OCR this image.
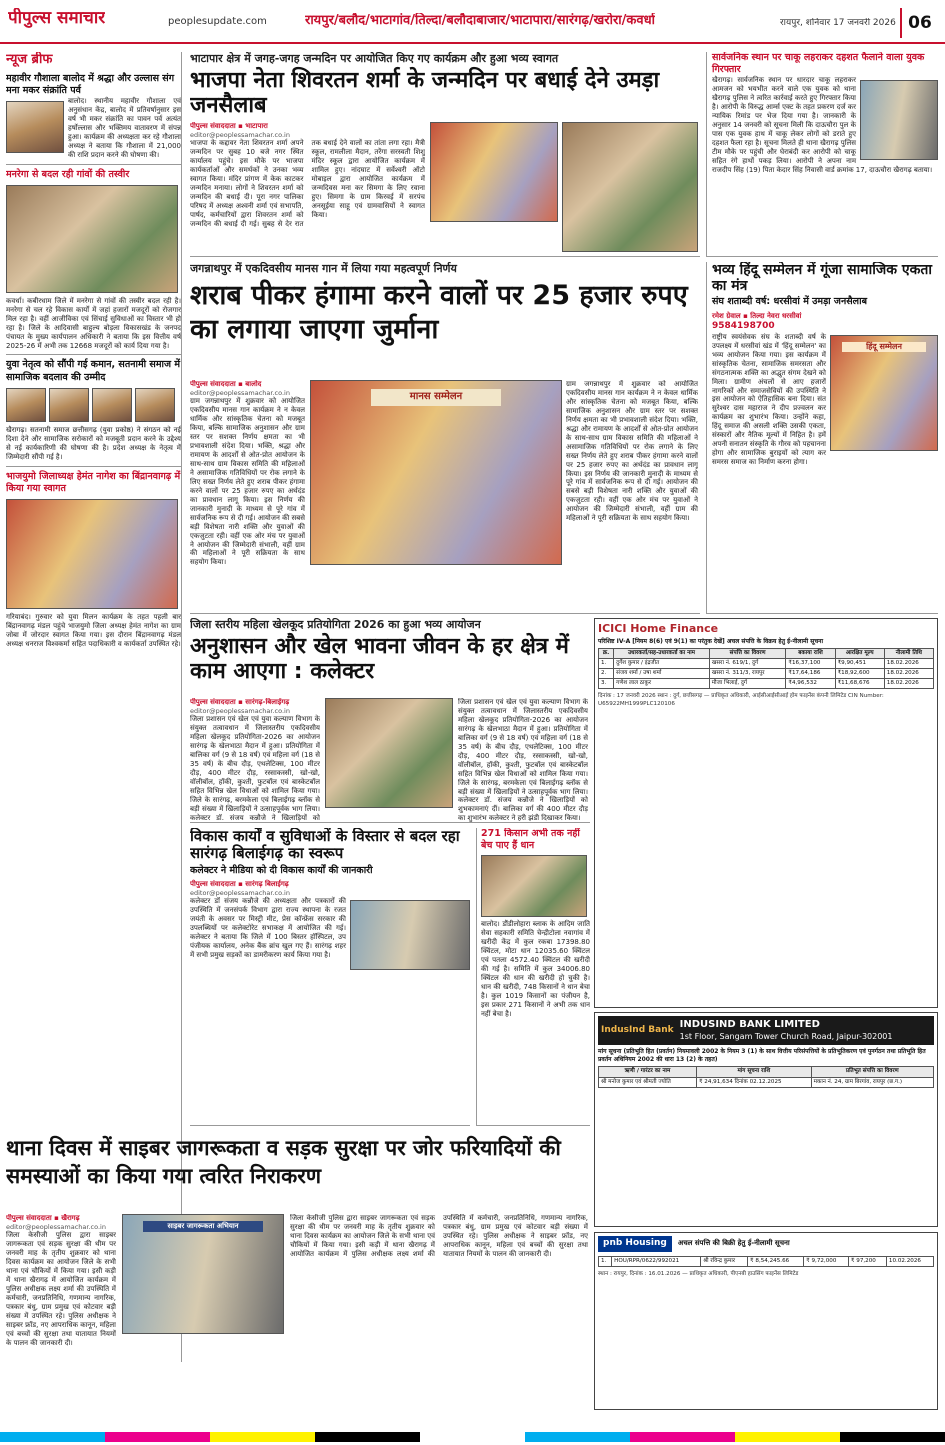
पीपुल्स समाचार	peoplesupdate.com	रायपुर/बलौद/भाटागांव/तिल्दा/बलौदाबाजार/भाटापारा/सारंगढ़/खरोरा/कवर्धा	रायपुर, शनिवार 17 जनवरी 2026 06
न्यूज ब्रीफ
महावीर गौशाला बालोद में श्रद्धा और उल्लास संग मना मकर संक्रांति पर्व
बालोद। स्थानीय महावीर गौशाला एवं अनुसंधान केंद्र, बालोद में प्रतिवर्षानुसार इस वर्ष भी मकर संक्रांति का पावन पर्व अत्यंत हर्षोल्लास और भक्तिमय वातावरण में संपन्न हुआ। कार्यक्रम की अध्यक्षता कर रहे गौशाला अध्यक्ष ने बताया कि गौशाला में 21,000 की राशि प्रदान करने की घोषणा की।
मनरेगा से बदल रही गांवों की तस्वीर
कवर्धा। कबीरधाम जिले में मनरेगा से गांवों की तस्वीर बदल रही है। मनरेगा से चल रहे विकास कार्यों में जहां हजारों मजदूरों को रोजगार मिल रहा है। वहीं आजीविका एवं सिंचाई सुविधाओं का विस्तार भी हो रहा है। जिले के आदिवासी बाहुल्य बोड़ला विकासखंड के जनपद पंचायत के मुख्य कार्यपालन अधिकारी ने बताया कि इस वित्तीय वर्ष 2025-26 में अभी तक 12668 मजदूरों को कार्य दिया गया है।
युवा नेतृत्व को सौंपी गई कमान, सतनामी समाज में सामाजिक बदलाव की उम्मीद
खैरागढ़। सतनामी समाज छत्तीसगढ़ (युवा प्रकोष्ठ) ने संगठन को नई दिशा देने और सामाजिक सरोकारों को मजबूती प्रदान करने के उद्देश्य से नई कार्यकारिणी की घोषणा की है। प्रदेश अध्यक्ष के नेतृत्व में जिम्मेदारी सौंपी गई है।
भाजयुमो जिलाध्यक्ष हेमंत नागेश का बिंद्रानवागढ़ में किया गया स्वागत
गरियाबंद। गुरुवार को युवा मिलन कार्यक्रम के तहत पहली बार बिंद्रानवागढ़ मंडल पहुंचे भाजयुमो जिला अध्यक्ष हेमंत नागेश का ग्राम जोबा में जोरदार स्वागत किया गया। इस दौरान बिंद्रानवागढ़ मंडल अध्यक्ष धनराज विश्वकर्मा सहित पदाधिकारी व कार्यकर्ता उपस्थित रहे।
भाटापार क्षेत्र में जगह-जगह जन्मदिन पर आयोजित किए गए कार्यक्रम और हुआ भव्य स्वागत
भाजपा नेता शिवरतन शर्मा के जन्मदिन पर बधाई देने उमड़ा जनसैलाब
पीपुल्स संवाददाता ▪ भाटापारा
editor@peoplessamachar.co.in
भाजपा के कद्दावर नेता शिवरतन शर्मा अपने जन्मदिन पर सुबह 10 बजे नगर स्थित कार्यालय पहुंचे। इस मौके पर भाजपा कार्यकर्ताओं और समर्थकों ने उनका भव्य स्वागत किया। मंदिर प्रांगण में केक काटकर जन्मदिन मनाया। लोगों ने शिवरतन शर्मा को जन्मदिन की बधाई दी। पूरा नगर पालिका परिषद में अध्यक्ष अश्वनी शर्मा एवं सभापति, पार्षद, कर्मचारियों द्वारा शिवरतन शर्मा को जन्मदिन की बधाई दी गई। सुबह से देर रात तक बधाई देने वालों का तांता लगा रहा। मैत्री स्कूल, रामलीला मैदान, तरेंगा सरस्वती शिशु मंदिर स्कूल द्वारा आयोजित कार्यक्रम में शामिल हुए। नांदघाट में सर्वेश्वरी ऑटो मोबाइल द्वारा आयोजित कार्यक्रम में जन्मदिवस मना कर सिमगा के लिए रवाना हुए। सिमगा के ग्राम किरवई में सरपंच अनसूईया साहू एवं ग्रामवासियों ने स्वागत किया।
सार्वजनिक स्थान पर चाकू लहराकर दहशत फैलाने वाला युवक गिरफ्तार
खैरागढ़। सार्वजनिक स्थान पर धारदार चाकू लहराकर आमजन को भयभीत करने वाले एक युवक को थाना खैरागढ़ पुलिस ने त्वरित कार्रवाई करते हुए गिरफ्तार किया है। आरोपी के विरुद्ध आर्म्स एक्ट के तहत प्रकरण दर्ज कर न्यायिक रिमांड पर भेज दिया गया है। जानकारी के अनुसार 14 जनवरी को सूचना मिली कि दाऊचौरा पुल के पास एक युवक हाथ में चाकू लेकर लोगों को डराते हुए दहशत फैला रहा है। सूचना मिलते ही थाना खैरागढ़ पुलिस टीम मौके पर पहुंची और घेराबंदी कर आरोपी को चाकू सहित रंगे हाथों पकड़ लिया। आरोपी ने अपना नाम राजदीप सिंह (19) पिता केदार सिंह निवासी वार्ड क्रमांक 17, दाऊचौरा खैरागढ़ बताया।
जगन्नाथपुर में एकदिवसीय मानस गान में लिया गया महत्वपूर्ण निर्णय
शराब पीकर हंगामा करने वालों पर 25 हजार रुपए का लगाया जाएगा जुर्माना
पीपुल्स संवाददाता ▪ बालोद
editor@peoplessamachar.co.in
ग्राम जगन्नाथपुर में शुक्रवार को आयोजित एकदिवसीय मानस गान कार्यक्रम ने न केवल धार्मिक और सांस्कृतिक चेतना को मजबूत किया, बल्कि सामाजिक अनुशासन और ग्राम स्तर पर सशक्त निर्णय क्षमता का भी प्रभावशाली संदेश दिया। भक्ति, श्रद्धा और रामायण के आदर्शों से ओत-प्रोत आयोजन के साथ-साथ ग्राम विकास समिति की महिलाओं ने असामाजिक गतिविधियों पर रोक लगाने के लिए सख्त निर्णय लेते हुए शराब पीकर हंगामा करने वालों पर 25 हजार रुपए का अर्थदंड का प्रावधान लागू किया। इस निर्णय की जानकारी मुनादी के माध्यम से पूरे गांव में सार्वजनिक रूप से दी गई। आयोजन की सबसे बड़ी विशेषता नारी शक्ति और युवाओं की एकजुटता रही। वहीं एक ओर मंच पर युवाओं ने आयोजन की जिम्मेदारी संभाली, वहीं ग्राम की महिलाओं ने पूरी सक्रियता के साथ सहयोग किया।
मानस सम्मेलन
ग्राम जगन्नाथपुर में शुक्रवार को आयोजित एकदिवसीय मानस गान कार्यक्रम ने न केवल धार्मिक और सांस्कृतिक चेतना को मजबूत किया, बल्कि सामाजिक अनुशासन और ग्राम स्तर पर सशक्त निर्णय क्षमता का भी प्रभावशाली संदेश दिया। भक्ति, श्रद्धा और रामायण के आदर्शों से ओत-प्रोत आयोजन के साथ-साथ ग्राम विकास समिति की महिलाओं ने असामाजिक गतिविधियों पर रोक लगाने के लिए सख्त निर्णय लेते हुए शराब पीकर हंगामा करने वालों पर 25 हजार रुपए का अर्थदंड का प्रावधान लागू किया। इस निर्णय की जानकारी मुनादी के माध्यम से पूरे गांव में सार्वजनिक रूप से दी गई। आयोजन की सबसे बड़ी विशेषता नारी शक्ति और युवाओं की एकजुटता रही। वहीं एक ओर मंच पर युवाओं ने आयोजन की जिम्मेदारी संभाली, वहीं ग्राम की महिलाओं ने पूरी सक्रियता के साथ सहयोग किया।
भव्य हिंदू सम्मेलन में गूंजा सामाजिक एकता का मंत्र
संघ शताब्दी वर्ष: धरसीवां में उमड़ा जनसैलाब
रमेश ग्रेवाल ▪ तिल्दा नेवरा धरसीवां
9584198700
हिंदू सम्मेलन
राष्ट्रीय स्वयंसेवक संघ के शताब्दी वर्ष के उपलक्ष्य में धरसीवां खंड में 'हिंदू सम्मेलन' का भव्य आयोजन किया गया। इस कार्यक्रम में सांस्कृतिक चेतना, सामाजिक समरसता और संगठनात्मक शक्ति का अद्भुत संगम देखने को मिला। ग्रामीण अंचलों से आए हजारों नागरिकों और समाजसेवियों की उपस्थिति ने इस आयोजन को ऐतिहासिक बना दिया। संत सुरेश्वर दास महाराज ने दीप प्रज्वलन कर कार्यक्रम का शुभारंभ किया। उन्होंने कहा, हिंदू समाज की असली शक्ति उसकी एकता, संस्कारों और नैतिक मूल्यों में निहित है। हमें अपनी सनातन संस्कृति के गौरव को पहचानना होगा और सामाजिक बुराइयों को त्याग कर समरस समाज का निर्माण करना होगा।
जिला स्तरीय महिला खेलकूद प्रतियोगिता 2026 का हुआ भव्य आयोजन
अनुशासन और खेल भावना जीवन के हर क्षेत्र में काम आएगा : कलेक्टर
पीपुल्स संवाददाता ▪ सारंगढ़-बिलाईगढ़
editor@peoplessamachar.co.in
जिला प्रशासन एवं खेल एवं युवा कल्याण विभाग के संयुक्त तत्वावधान में जिलास्तरीय एकदिवसीय महिला खेलकूद प्रतियोगिता-2026 का आयोजन सारंगढ़ के खेलभाठा मैदान में हुआ। प्रतियोगिता में बालिका वर्ग (9 से 18 वर्ष) एवं महिला वर्ग (18 से 35 वर्ष) के बीच दौड़, एथलेटिक्स, 100 मीटर दौड़, 400 मीटर दौड़, रस्साकस्सी, खो-खो, वॉलीबॉल, हॉकी, कुश्ती, फुटबॉल एवं बास्केटबॉल सहित विभिन्न खेल विधाओं को शामिल किया गया। जिले के सारंगढ़, बरमकेला एवं बिलाईगढ़ ब्लॉक से बड़ी संख्या में खिलाड़ियों ने उत्साहपूर्वक भाग लिया। कलेक्टर डॉ. संजय कन्नौजे ने खिलाड़ियों को
जिला प्रशासन एवं खेल एवं युवा कल्याण विभाग के संयुक्त तत्वावधान में जिलास्तरीय एकदिवसीय महिला खेलकूद प्रतियोगिता-2026 का आयोजन सारंगढ़ के खेलभाठा मैदान में हुआ। प्रतियोगिता में बालिका वर्ग (9 से 18 वर्ष) एवं महिला वर्ग (18 से 35 वर्ष) के बीच दौड़, एथलेटिक्स, 100 मीटर दौड़, 400 मीटर दौड़, रस्साकस्सी, खो-खो, वॉलीबॉल, हॉकी, कुश्ती, फुटबॉल एवं बास्केटबॉल सहित विभिन्न खेल विधाओं को शामिल किया गया। जिले के सारंगढ़, बरमकेला एवं बिलाईगढ़ ब्लॉक से बड़ी संख्या में खिलाड़ियों ने उत्साहपूर्वक भाग लिया। कलेक्टर डॉ. संजय कन्नौजे ने खिलाड़ियों को शुभकामनाएं दीं। बालिका वर्ग की 400 मीटर दौड़ का शुभारंभ कलेक्टर ने हरी झंडी दिखाकर किया।
ICICI Home Finance
परिशिष्ट IV-A [नियम 8(6) एवं 9(1) का परंतुक देखें] अचल संपत्ति के विक्रय हेतु ई-नीलामी सूचना
क्र.	उधारकर्ता/सह-उधारकर्ता का नाम	संपत्ति का विवरण	बकाया राशि	आरक्षित मूल्य	नीलामी तिथि
1.	दुर्गेश कुमार / इंद्रजीत	खसरा नं. 619/1, दुर्ग	₹16,37,100	₹9,90,451	18.02.2026
2.	संजय शर्मा / उषा शर्मा	खसरा नं. 311/3, रायपुर	₹17,64,186	₹18,92,600	18.02.2026
3.	गणेश लाल ठाकुर	मौजा भिलाई, दुर्ग	₹4,96,532	₹11,68,676	18.02.2026
दिनांक : 17 जनवरी 2026 स्थान : दुर्ग, छत्तीसगढ़ — प्राधिकृत अधिकारी, आईसीआईसीआई होम फाइनेंस कंपनी लिमिटेड CIN Number: U65922MH1999PLC120106
विकास कार्यों व सुविधाओं के विस्तार से बदल रहा सारंगढ़ बिलाईगढ़ का स्वरूप
कलेक्टर ने मीडिया को दी विकास कार्यों की जानकारी
पीपुल्स संवाददाता ▪ सारंगढ़ बिलाईगढ़
editor@peoplessamachar.co.in
कलेक्टर डॉ संजय कन्नौजे की अध्यक्षता और पत्रकारों की उपस्थिति में जनसंपर्क विभाग द्वारा राज्य स्थापना के रजत जयंती के अवसर पर मिस्ट्री मीट, प्रेस कॉन्फ्रेंस सरकार की उपलब्धियों पर कलेक्टोरेट सभाकक्ष में आयोजित की गई। कलेक्टर ने बताया कि जिले में 100 बिस्तर हॉस्पिटल, उप पंजीयक कार्यालय, अनेक बैंक ब्रांच खुल गए हैं। सारंगढ़ शहर में सभी प्रमुख सड़कों का डामरीकरण कार्य किया गया है।
271 किसान अभी तक नहीं बेच पाए हैं धान
बालोद। डौंडीलोहारा ब्लाक के आदिम जाति सेवा सहकारी समिति चेन्द्रीटोला नवागांव में खरीदी केंद्र में कुल रकबा 17398.80 क्विंटल, मोटा धान 12035.60 क्विंटल एवं पतला 4572.40 क्विंटल की खरीदी की गई है। समिति में कुल 34006.80 क्विंटल की धान की खरीदी हो चुकी है। धान की खरीदी, 748 किसानों ने धान बेचा है। कुल 1019 किसानों का पंजीयन है, इस प्रकार 271 किसानों ने अभी तक धान नहीं बेचा है।
IndusInd Bank INDUSIND BANK LIMITED
1st Floor, Sangam Tower Church Road, Jaipur-302001
मांग सूचना (प्रतिभूति हित (प्रवर्तन) नियमावली 2002 के नियम 3 (1) के साथ वित्तीय परिसंपत्तियों के प्रतिभूतिकरण एवं पुनर्गठन तथा प्रतिभूति हित प्रवर्तन अधिनियम 2002 की धारा 13 (2) के तहत)
ऋणी / गारंटर का नाम	मांग सूचना राशि	प्रतिभूत संपत्ति का विवरण
श्री मनोज कुमार एवं श्रीमती ज्योति	₹ 24,91,634 दिनांक 02.12.2025	मकान नं. 24, ग्राम बिरगांव, रायपुर (छ.ग.)
थाना दिवस में साइबर जागरूकता व सड़क सुरक्षा पर जोर फरियादियों की समस्याओं का किया गया त्वरित निराकरण
पीपुल्स संवाददाता ▪ खैरागढ़
editor@peoplessamachar.co.in
जिला केसीजी पुलिस द्वारा साइबर जागरूकता एवं सड़क सुरक्षा की थीम पर जनवरी माह के तृतीय शुक्रवार को थाना दिवस कार्यक्रम का आयोजन जिले के सभी थाना एवं चौकियों में किया गया। इसी कड़ी में थाना खैरागढ़ में आयोजित कार्यक्रम में पुलिस अधीक्षक लक्ष्य शर्मा की उपस्थिति में कर्मचारी, जनप्रतिनिधि, गणमान्य नागरिक, पत्रकार बंधु, ग्राम प्रमुख एवं कोटवार बड़ी संख्या में उपस्थित रहे। पुलिस अधीक्षक ने साइबर फ्रॉड, नए आपराधिक कानून, महिला एवं बच्चों की सुरक्षा तथा यातायात नियमों के पालन की जानकारी दी।
साइबर जागरूकता अभियान
जिला केसीजी पुलिस द्वारा साइबर जागरूकता एवं सड़क सुरक्षा की थीम पर जनवरी माह के तृतीय शुक्रवार को थाना दिवस कार्यक्रम का आयोजन जिले के सभी थाना एवं चौकियों में किया गया। इसी कड़ी में थाना खैरागढ़ में आयोजित कार्यक्रम में पुलिस अधीक्षक लक्ष्य शर्मा की उपस्थिति में कर्मचारी, जनप्रतिनिधि, गणमान्य नागरिक, पत्रकार बंधु, ग्राम प्रमुख एवं कोटवार बड़ी संख्या में उपस्थित रहे। पुलिस अधीक्षक ने साइबर फ्रॉड, नए आपराधिक कानून, महिला एवं बच्चों की सुरक्षा तथा यातायात नियमों के पालन की जानकारी दी।
pnb Housing	अचल संपत्ति की बिक्री हेतु ई-नीलामी सूचना
1.	HOU/RPR/0622/992021	श्री रविन्द्र कुमार	₹ 8,54,245.66	₹ 9,72,000	₹ 97,200	10.02.2026
स्थान : रायपुर, दिनांक : 16.01.2026 — प्राधिकृत अधिकारी, पीएनबी हाउसिंग फाइनेंस लिमिटेड
